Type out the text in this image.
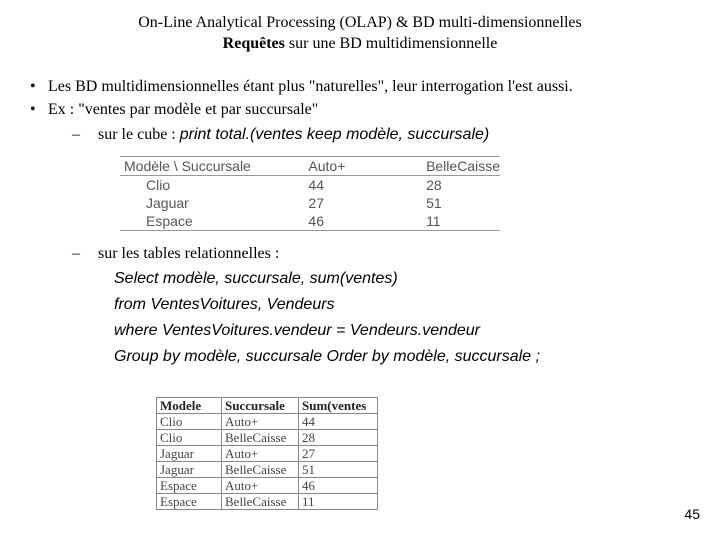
On-Line Analytical Processing (OLAP) & BD multi-dimensionnelles
Requêtes sur une BD multidimensionnelle
• Les BD multidimensionnelles étant plus "naturelles", leur interrogation l'est aussi.
• Ex : "ventes par modèle et par succursale"
– sur le cube : print total.(ventes keep modèle, succursale)
Modèle \ Succursale	Auto+	BelleCaisse
Clio	44	28
Jaguar	27	51
Espace	46	11
– sur les tables relationnelles :
Select modèle, succursale, sum(ventes)
from VentesVoitures, Vendeurs
where VentesVoitures.vendeur = Vendeurs.vendeur
Group by modèle, succursale Order by modèle, succursale ;
Modele	Succursale	Sum(ventes
Clio	Auto+	44
Clio	BelleCaisse	28
Jaguar	Auto+	27
Jaguar	BelleCaisse	51
Espace	Auto+	46
Espace	BelleCaisse	11
45
